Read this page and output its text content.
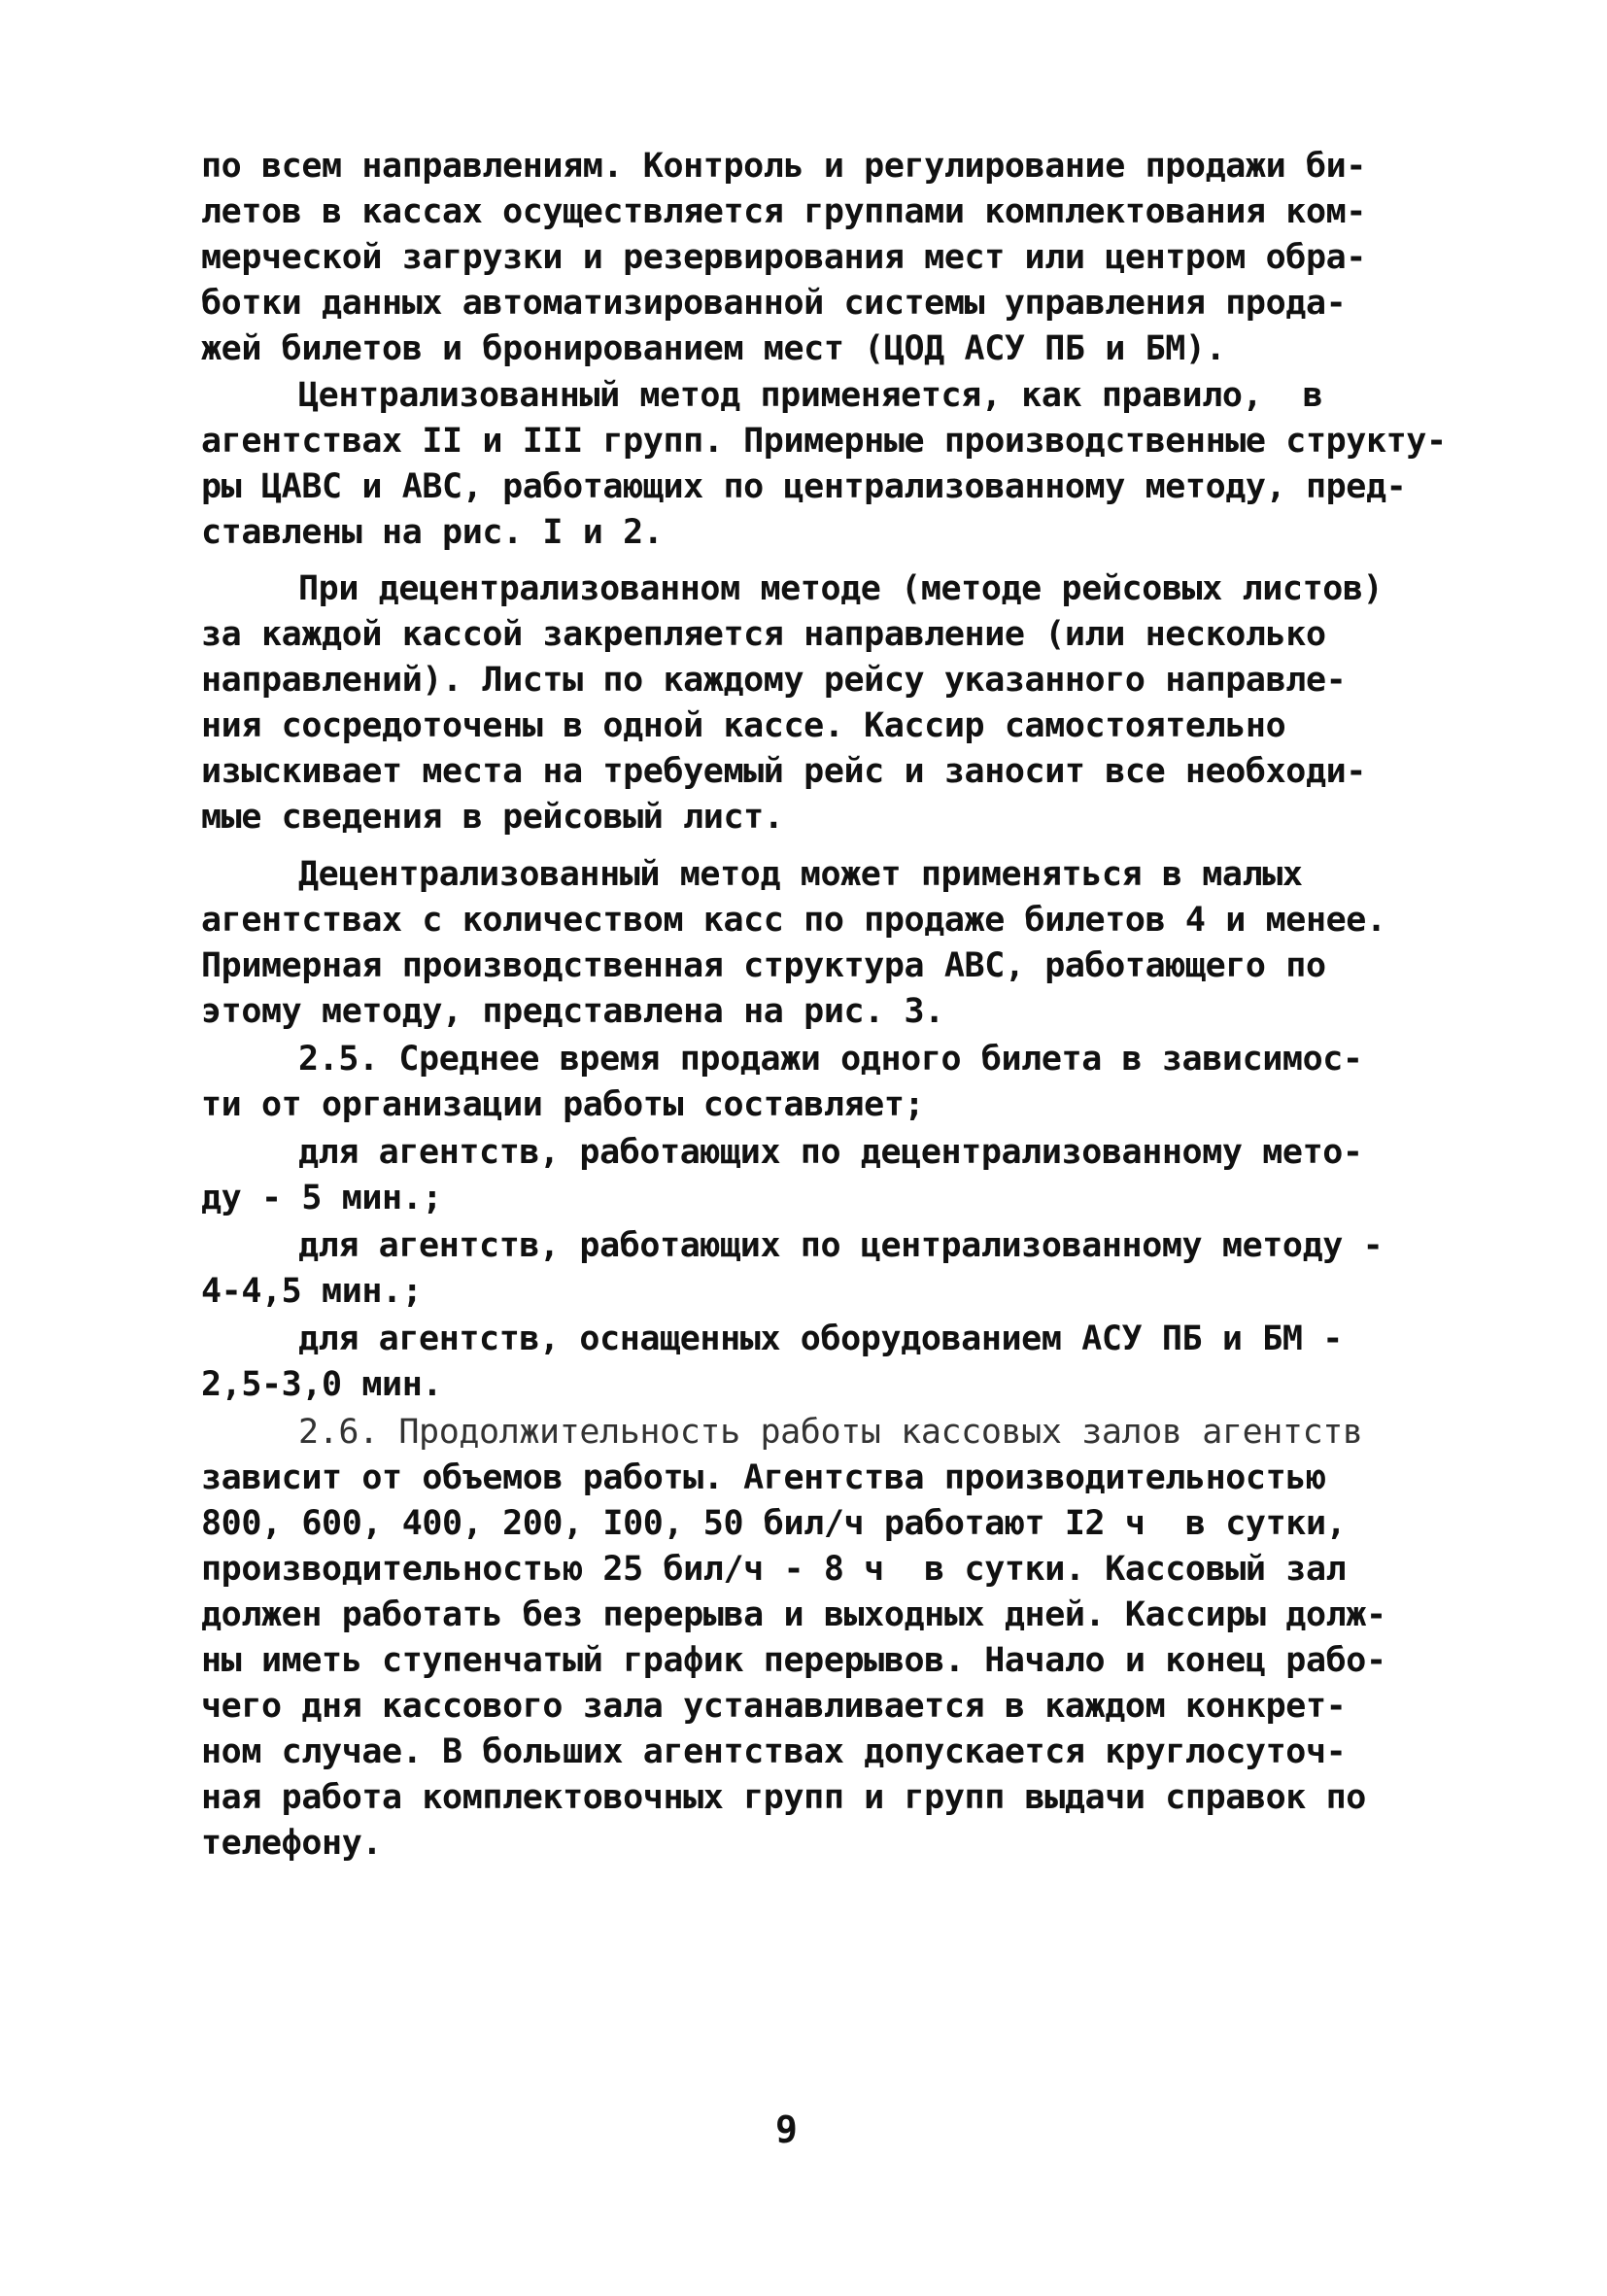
по всем направлениям. Контроль и регулирование продажи би-
летов в кассах осуществляется группами комплектования ком-
мерческой загрузки и резервирования мест или центром обра-
ботки данных автоматизированной системы управления прода-
жей билетов и бронированием мест (ЦОД АСУ ПБ и БМ).
Централизованный метод применяется, как правило,  в
агентствах II и III групп. Примерные производственные структу-
ры ЦАВС и АВС, работающих по централизованному методу, пред-
ставлены на рис. I и 2.
При децентрализованном методе (методе рейсовых листов)
за каждой кассой закрепляется направление (или несколько
направлений). Листы по каждому рейсу указанного направле-
ния сосредоточены в одной кассе. Кассир самостоятельно
изыскивает места на требуемый рейс и заносит все необходи-
мые сведения в рейсовый лист.
Децентрализованный метод может применяться в малых
агентствах с количеством касс по продаже билетов 4 и менее.
Примерная производственная структура АВС, работающего по
этому методу, представлена на рис. 3.
2.5. Среднее время продажи одного билета в зависимос-
ти от организации работы составляет;
для агентств, работающих по децентрализованному мето-
ду - 5 мин.;
для агентств, работающих по централизованному методу -
4-4,5 мин.;
для агентств, оснащенных оборудованием АСУ ПБ и БМ -
2,5-3,0 мин.
2.6. Продолжительность работы кассовых залов агентств
зависит от объемов работы. Агентства производительностью
800, 600, 400, 200, I00, 50 бил/ч работают I2 ч  в сутки,
производительностью 25 бил/ч - 8 ч  в сутки. Кассовый зал
должен работать без перерыва и выходных дней. Кассиры долж-
ны иметь ступенчатый график перерывов. Начало и конец рабо-
чего дня кассового зала устанавливается в каждом конкрет-
ном случае. В больших агентствах допускается круглосуточ-
ная работа комплектовочных групп и групп выдачи справок по
телефону.
9
